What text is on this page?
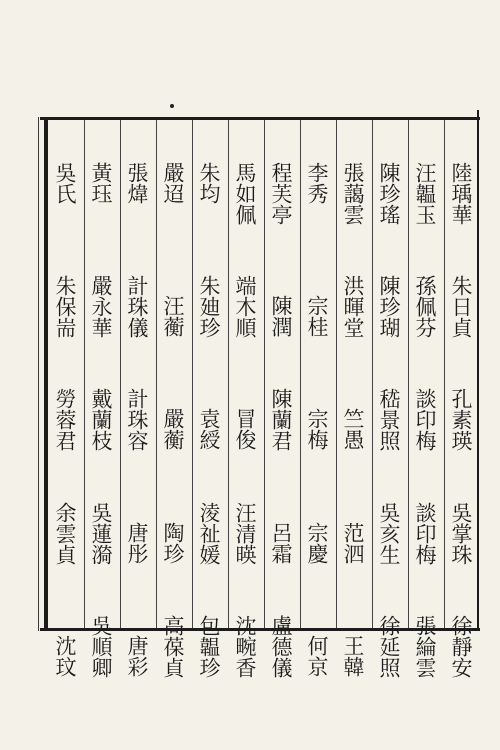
陸瑀華
朱日貞
孔素瑛
吳掌珠
徐靜安
汪韞玉
孫佩芬
談印梅
談印梅
張綸雲
陳珍瑤
陳珍瑚
嵇景照
吳亥生
徐延照
張藹雲
洪暉堂
竺愚
范泗
王韓
李秀
宗桂
宗梅
宗慶
何京
程芙亭
陳潤
陳蘭君
呂霜
盧德儀
馬如佩
端木順
冒俊
汪清暎
沈畹香
朱均
朱廸珍
袁綬
淩祉媛
包韞珍
嚴迢
汪蘅
嚴蘅
陶珍
高葆貞
張煒
計珠儀
計珠容
唐彤
唐彩
黃珏
嚴永華
戴蘭枝
吳蓮漪
吳順卿
吳氏
朱保耑
勞蓉君
余雲貞
沈玟
